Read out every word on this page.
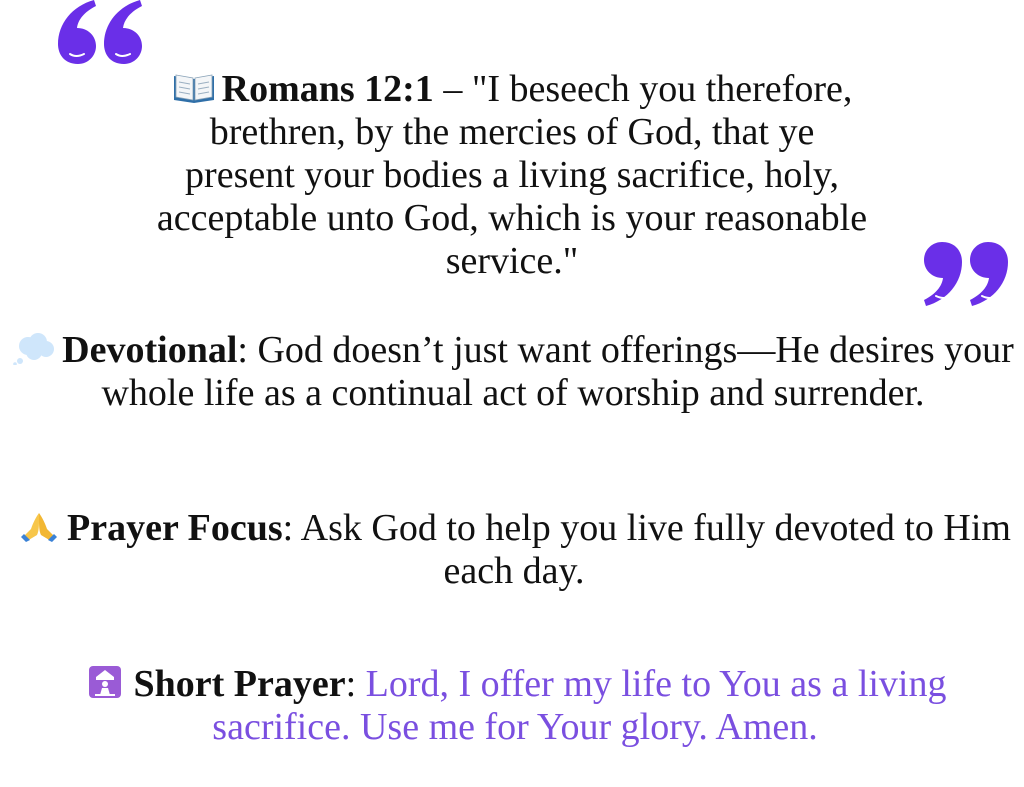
Romans 12:1 – "I beseech you therefore,
brethren, by the mercies of God, that ye
present your bodies a living sacrifice, holy,
acceptable unto God, which is your reasonable
service."

Devotional: God doesn’t just want offerings—He desires your whole life as a continual act of worship and surrender.

Prayer Focus: Ask God to help you live fully devoted to Him each day.

Short Prayer: Lord, I offer my life to You as a living sacrifice. Use me for Your glory. Amen.
